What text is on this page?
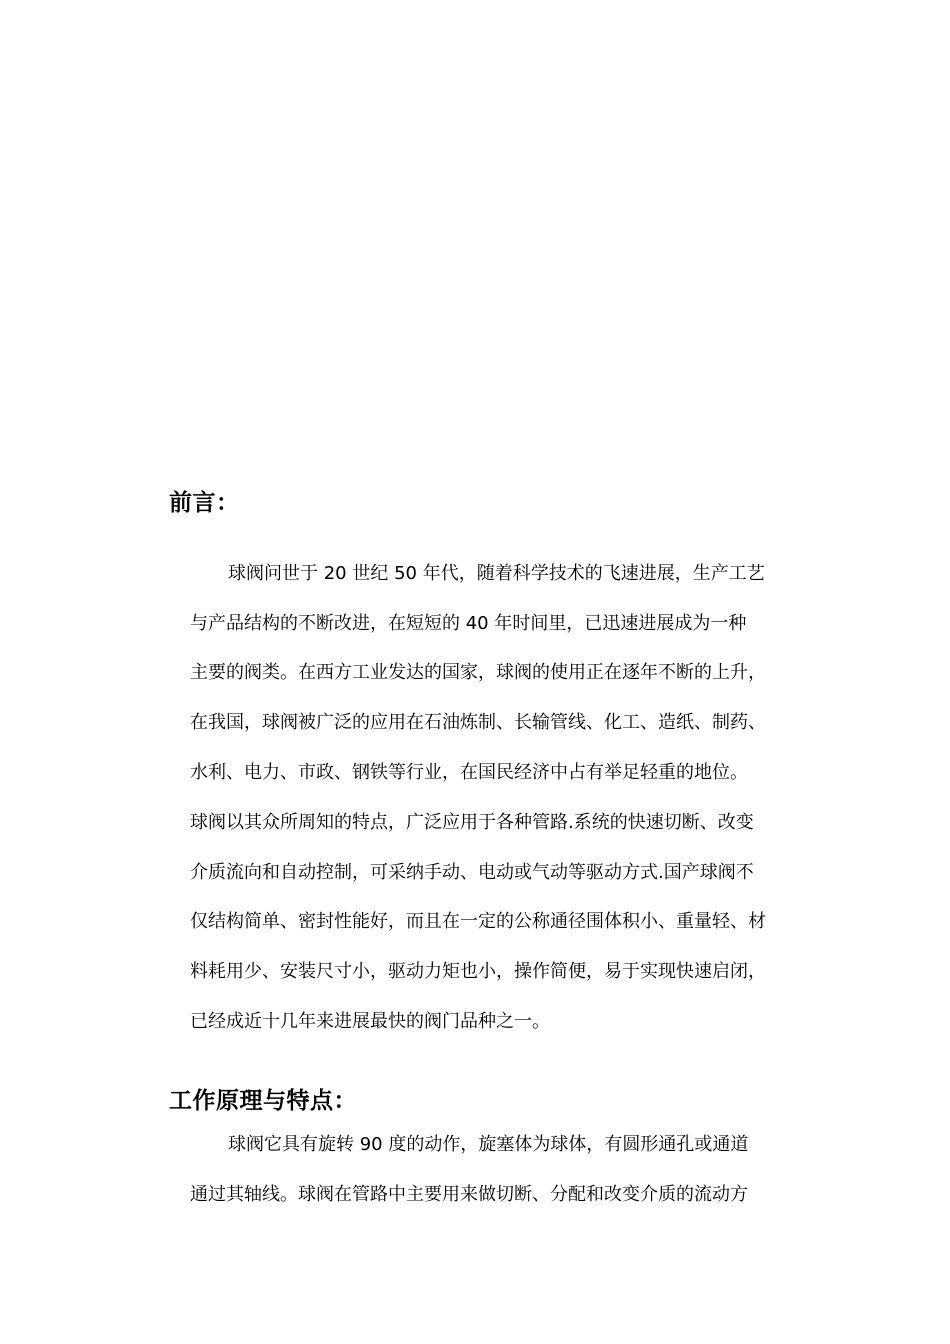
前言：

球阀问世于 20 世纪 50 年代，随着科学技术的飞速进展，生产工艺

与产品结构的不断改进，在短短的 40 年时间里，已迅速进展成为一种

主要的阀类。在西方工业发达的国家，球阀的使用正在逐年不断的上升，

在我国，球阀被广泛的应用在石油炼制、长输管线、化工、造纸、制药、

水利、电力、市政、钢铁等行业，在国民经济中占有举足轻重的地位。

球阀以其众所周知的特点，广泛应用于各种管路.系统的快速切断、改变

介质流向和自动控制，可采纳手动、电动或气动等驱动方式.国产球阀不

仅结构简单、密封性能好，而且在一定的公称通径围体积小、重量轻、材

料耗用少、安装尺寸小，驱动力矩也小，操作简便，易于实现快速启闭，

已经成近十几年来进展最快的阀门品种之一。

工作原理与特点：

球阀它具有旋转 90 度的动作，旋塞体为球体，有圆形通孔或通道

通过其轴线。球阀在管路中主要用来做切断、分配和改变介质的流动方
